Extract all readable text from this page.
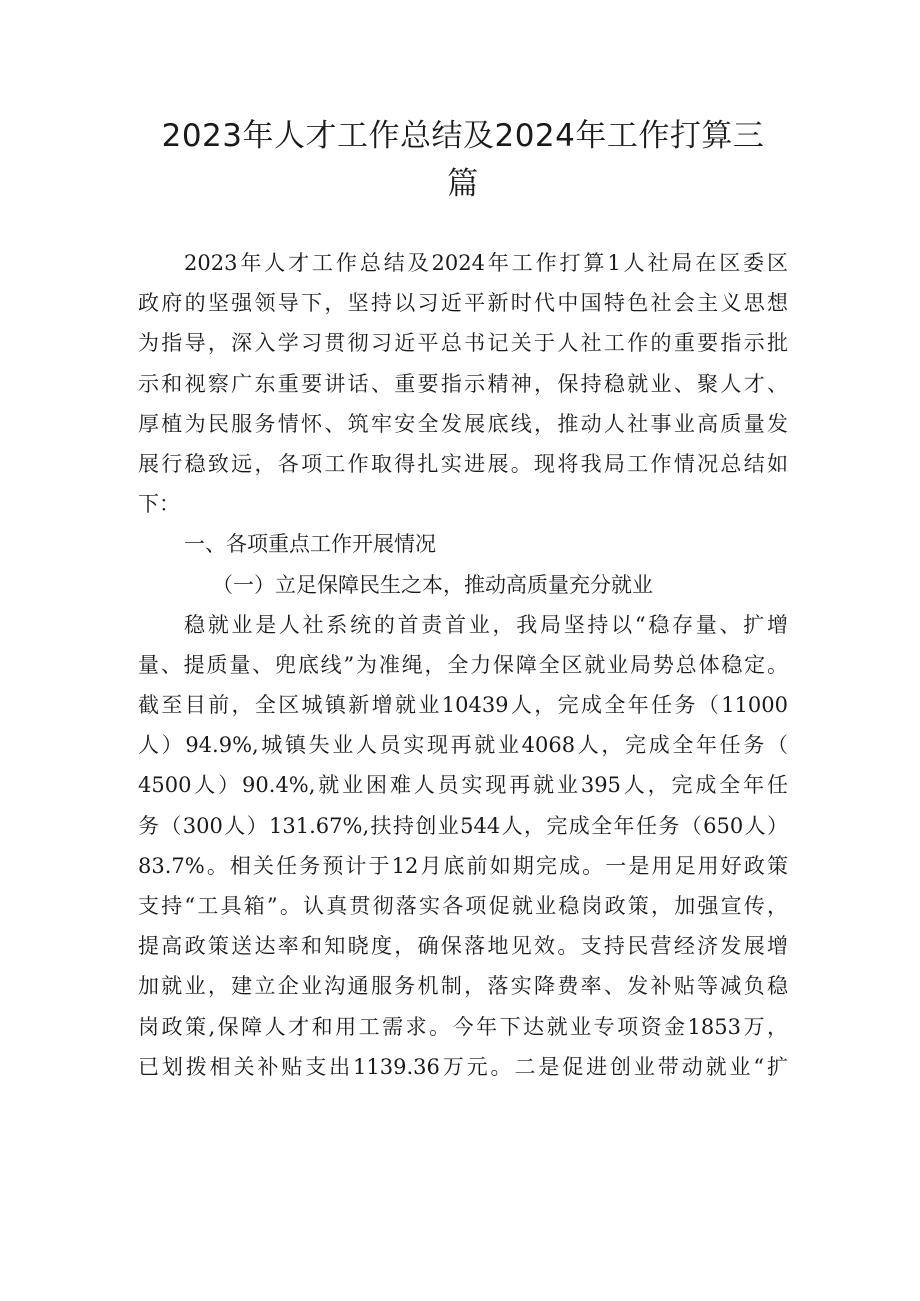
2023年人才工作总结及2024年工作打算三
篇
2023年人才工作总结及2024年工作打算1人社局在区委区
政府的坚强领导下，坚持以习近平新时代中国特色社会主义思想
为指导，深入学习贯彻习近平总书记关于人社工作的重要指示批
示和视察广东重要讲话、重要指示精神，保持稳就业、聚人才、
厚植为民服务情怀、筑牢安全发展底线，推动人社事业高质量发
展行稳致远，各项工作取得扎实进展。现将我局工作情况总结如
下：
一、各项重点工作开展情况
（一）立足保障民生之本，推动高质量充分就业
稳就业是人社系统的首责首业，我局坚持以“稳存量、扩增
量、提质量、兜底线”为准绳，全力保障全区就业局势总体稳定。
截至目前，全区城镇新增就业10439人，完成全年任务（11000
人）94.9%,城镇失业人员实现再就业4068人，完成全年任务（
4500人）90.4%,就业困难人员实现再就业395人，完成全年任
务（300人）131.67%,扶持创业544人，完成全年任务（650人）
83.7%。相关任务预计于12月底前如期完成。一是用足用好政策
支持“工具箱”。认真贯彻落实各项促就业稳岗政策，加强宣传，
提高政策送达率和知晓度，确保落地见效。支持民营经济发展增
加就业，建立企业沟通服务机制，落实降费率、发补贴等减负稳
岗政策,保障人才和用工需求。今年下达就业专项资金1853万，
已划拨相关补贴支出1139.36万元。二是促进创业带动就业“扩
